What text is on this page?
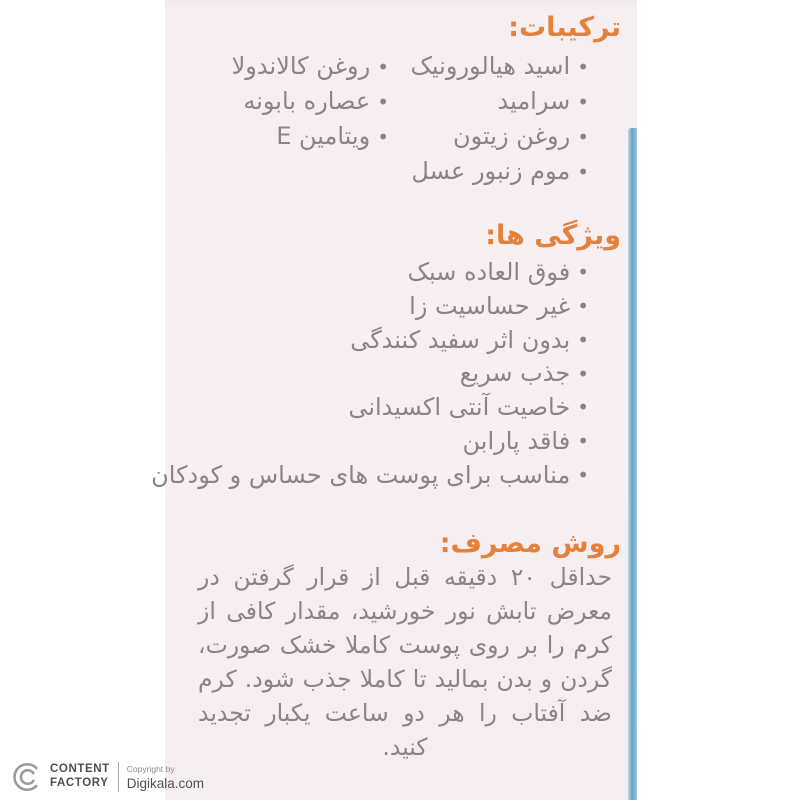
ترکیبات:
•اسید هیالورونیک
•روغن کالاندولا
•سرامید
•عصاره بابونه
•روغن زیتون
•ویتامین E
•موم زنبور عسل
ویژگی ها:
•فوق العاده سبک
•غیر حساسیت زا
•بدون اثر سفید کنندگی
•جذب سریع
•خاصیت آنتی اکسیدانی
•فاقد پارابن
•مناسب برای پوست های حساس و کودکان
روش مصرف:
حداقل ۲۰ دقیقه قبل از قرار گرفتن در معرض تابش نور خورشید، مقدار کافی از کرم را بر روی پوست کاملا خشک صورت، گردن و بدن بمالید تا کاملا جذب شود. کرم ضد آفتاب را هر دو ساعت یکبار تجدید کنید.
CONTENT
FACTORY
Copyright by
Digikala.com
